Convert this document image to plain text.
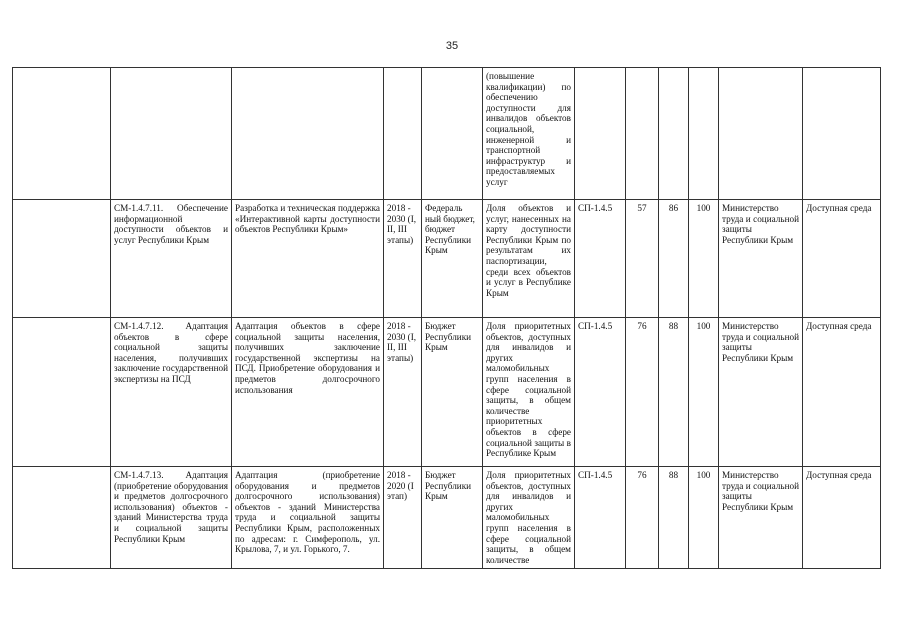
35
					(повышение квалификации) по обеспечению доступности для инвалидов объектов социальной, инженерной и транспортной инфраструктур и предоставляемых услуг						
	СМ-1.4.7.11. Обеспечение информационной доступности объектов и услуг Республики Крым	Разработка и техническая поддержка «Интерактивной карты доступности объектов Республики Крым»	2018 - 2030 (I, II, III этапы)	Федераль ный бюджет, бюджет Республики Крым	Доля объектов и услуг, нанесенных на карту доступности Республики Крым по результатам их паспортизации, среди всех объектов и услуг в Республике Крым	СП-1.4.5	57	86	100	Министерство труда и социальной защиты Республики Крым	Доступная среда
	СМ-1.4.7.12. Адаптация объектов в сфере социальной защиты населения, получивших заключение государственной экспертизы на ПСД	Адаптация объектов в сфере социальной защиты населения, получивших заключение государственной экспертизы на ПСД. Приобретение оборудования и предметов долгосрочного использования	2018 - 2030 (I, II, III этапы)	Бюджет Республики Крым	Доля приоритетных объектов, доступных для инвалидов и других маломобильных групп населения в сфере социальной защиты, в общем количестве приоритетных объектов в сфере социальной защиты в Республике Крым	СП-1.4.5	76	88	100	Министерство труда и социальной защиты Республики Крым	Доступная среда
	СМ-1.4.7.13. Адаптация (приобретение оборудования и предметов долгосрочного использования) объектов - зданий Министерства труда и социальной защиты Республики Крым	Адаптация (приобретение оборудования и предметов долгосрочного использования) объектов - зданий Министерства труда и социальной защиты Республики Крым, расположенных по адресам: г. Симферополь, ул. Крылова, 7, и ул. Горького, 7.	2018 - 2020 (I этап)	Бюджет Республики Крым	Доля приоритетных объектов, доступных для инвалидов и других маломобильных групп населения в сфере социальной защиты, в общем количестве	СП-1.4.5	76	88	100	Министерство труда и социальной защиты Республики Крым	Доступная среда
